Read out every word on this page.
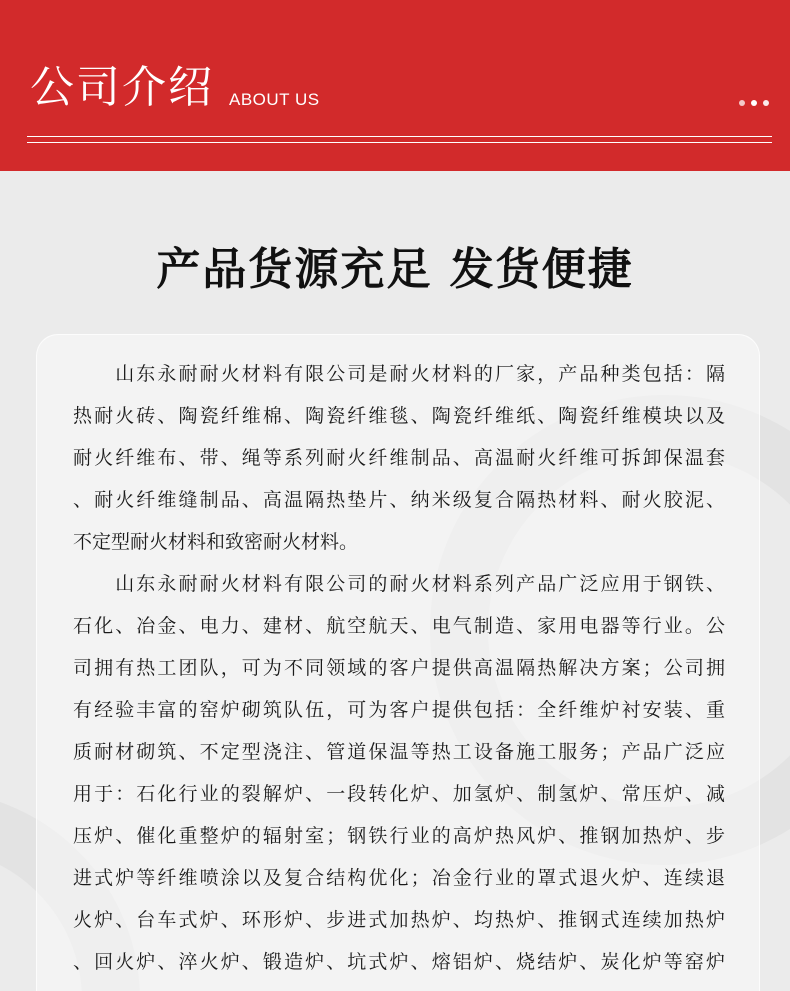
公司介绍 ABOUT US
产品货源充足 发货便捷
　　山东永耐耐火材料有限公司是耐火材料的厂家，产品种类包括：隔
热耐火砖、陶瓷纤维棉、陶瓷纤维毯、陶瓷纤维纸、陶瓷纤维模块以及
耐火纤维布、带、绳等系列耐火纤维制品、高温耐火纤维可拆卸保温套
、耐火纤维缝制品、高温隔热垫片、纳米级复合隔热材料、耐火胶泥、
不定型耐火材料和致密耐火材料。
　　山东永耐耐火材料有限公司的耐火材料系列产品广泛应用于钢铁、
石化、冶金、电力、建材、航空航天、电气制造、家用电器等行业。公
司拥有热工团队，可为不同领域的客户提供高温隔热解决方案；公司拥
有经验丰富的窑炉砌筑队伍，可为客户提供包括：全纤维炉衬安装、重
质耐材砌筑、不定型浇注、管道保温等热工设备施工服务；产品广泛应
用于：石化行业的裂解炉、一段转化炉、加氢炉、制氢炉、常压炉、减
压炉、催化重整炉的辐射室；钢铁行业的高炉热风炉、推钢加热炉、步
进式炉等纤维喷涂以及复合结构优化；冶金行业的罩式退火炉、连续退
火炉、台车式炉、环形炉、步进式加热炉、均热炉、推钢式连续加热炉
、回火炉、淬火炉、锻造炉、坑式炉、熔铝炉、烧结炉、炭化炉等窑炉
